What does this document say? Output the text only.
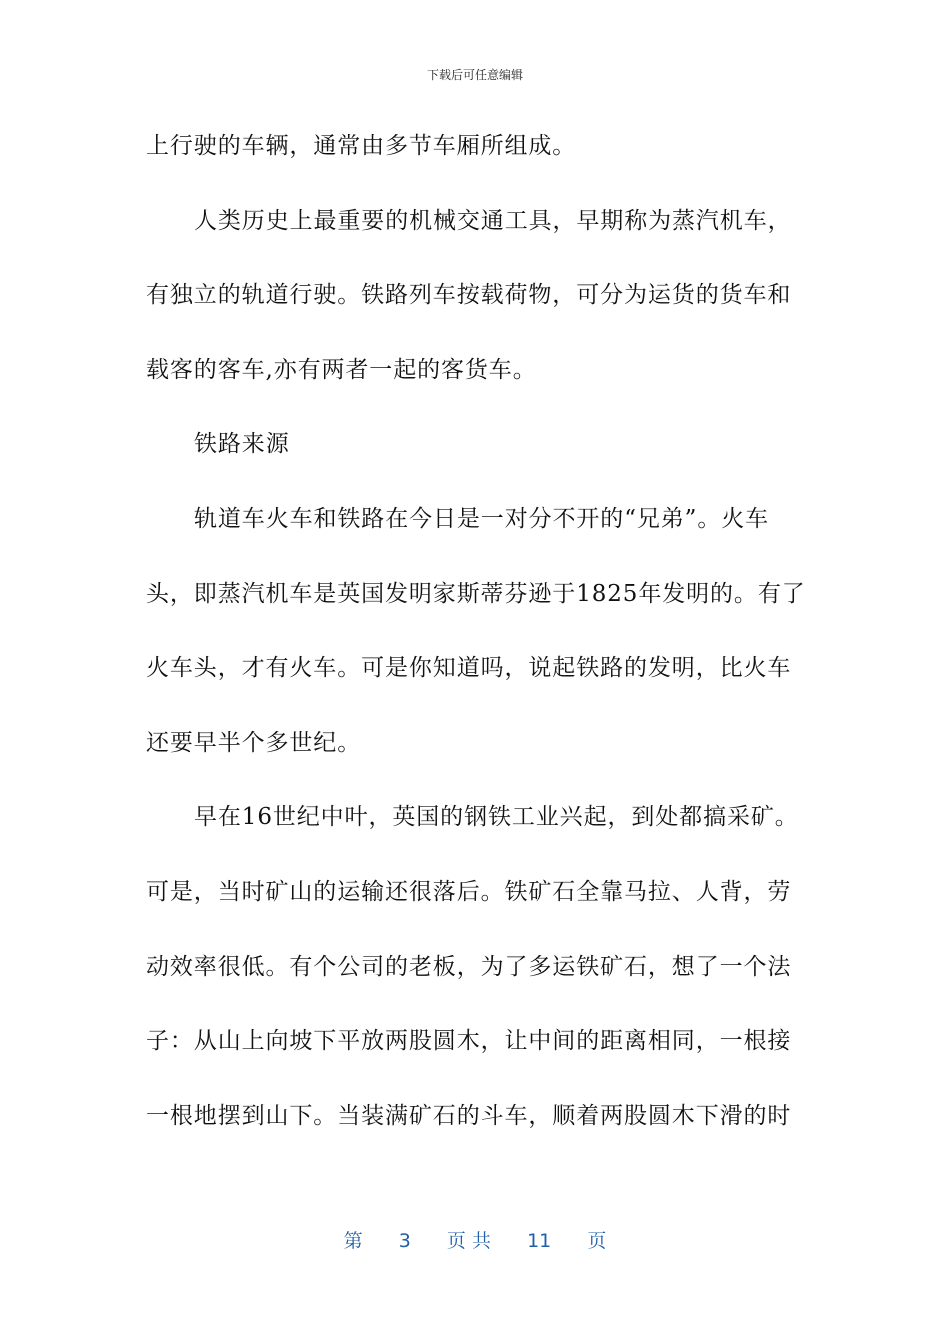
下载后可任意编辑
上行驶的车辆，通常由多节车厢所组成。
人类历史上最重要的机械交通工具，早期称为蒸汽机车，
有独立的轨道行驶。铁路列车按载荷物，可分为运货的货车和
载客的客车,亦有两者一起的客货车。
铁路来源
轨道车火车和铁路在今日是一对分不开的“兄弟”。火车
头，即蒸汽机车是英国发明家斯蒂芬逊于1825年发明的。有了
火车头，才有火车。可是你知道吗，说起铁路的发明，比火车
还要早半个多世纪。
早在16世纪中叶，英国的钢铁工业兴起，到处都搞采矿。
可是，当时矿山的运输还很落后。铁矿石全靠马拉、人背，劳
动效率很低。有个公司的老板，为了多运铁矿石，想了一个法
子：从山上向坡下平放两股圆木，让中间的距离相同，一根接
一根地摆到山下。当装满矿石的斗车，顺着两股圆木下滑的时
第 3 页 共 11 页
